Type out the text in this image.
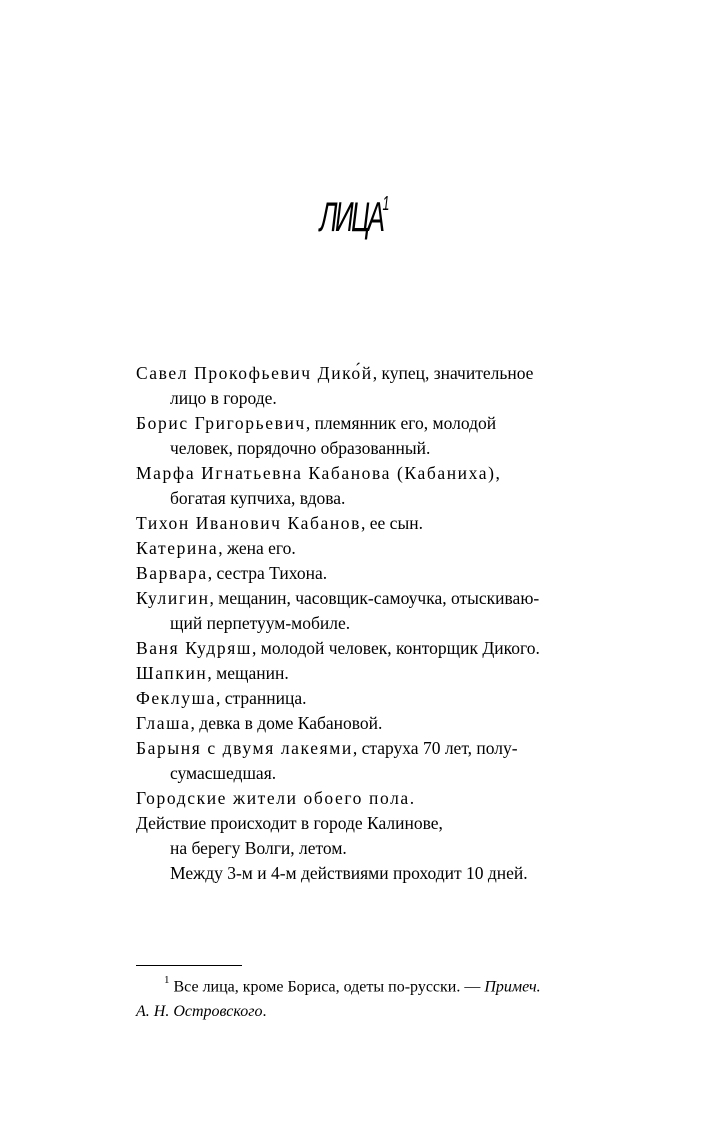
ЛИЦА$^1$

Савел Прокофьевич Дико́й, купец, значительное
лицо в городе.

Борис Григорьевич, племянник его, молодой
человек, порядочно образованный.

Марфа Игнатьевна Кабанова (Кабаниха),
богатая купчиха, вдова.

Тихон Иванович Кабанов, ее сын.

Катерина, жена его.

Варвара, сестра Тихона.

Кулигин, мещанин, часовщик-самоучка, отыскиваю-
щий перпетуум-мобиле.

Ваня Кудряш, молодой человек, конторщик Дикого.

Шапкин, мещанин.

Феклуша, странница.

Глаша, девка в доме Кабановой.

Барыня с двумя лакеями, старуха 70 лет, полу-
сумасшедшая.

Городские жители обоего пола.

Действие происходит в городе Калинове,
на берегу Волги, летом.
Между 3-м и 4-м действиями проходит 10 дней.

$^1$ Все лица, кроме Бориса, одеты по-русски. — Примеч.
А. Н. Островского.
